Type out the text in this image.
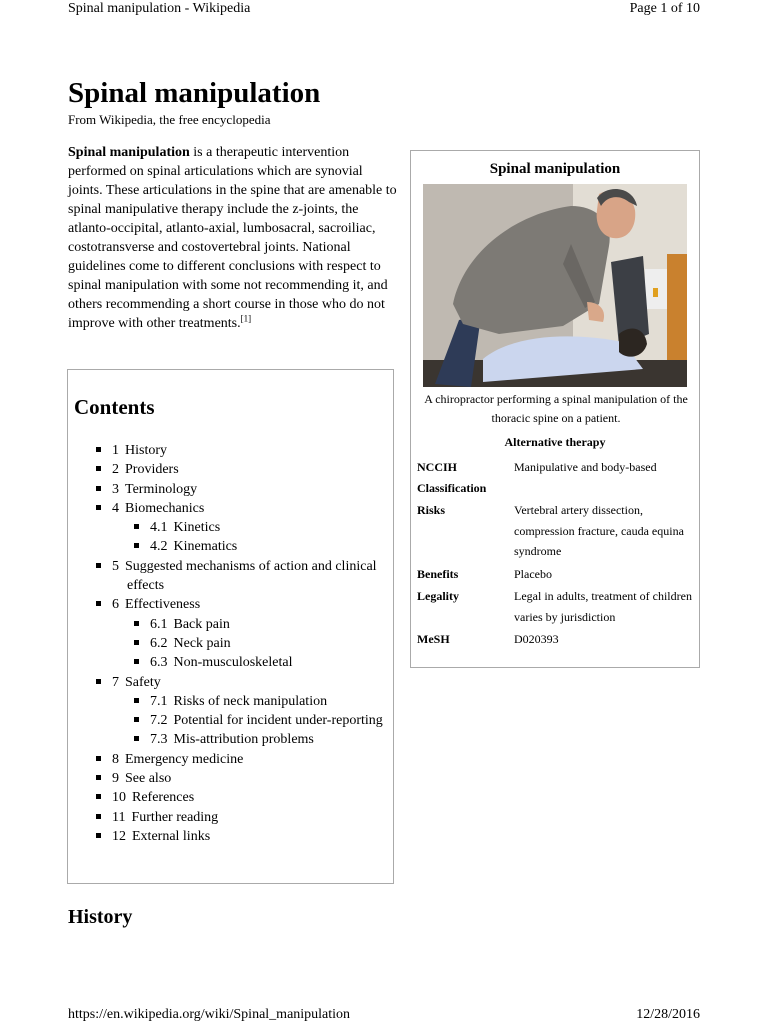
Spinal manipulation - Wikipedia	Page 1 of 10
Spinal manipulation
From Wikipedia, the free encyclopedia

Spinal manipulation is a therapeutic intervention performed on spinal articulations which are synovial joints. These articulations in the spine that are amenable to spinal manipulative therapy include the z-joints, the atlanto-occipital, atlanto-axial, lumbosacral, sacroiliac, costotransverse and costovertebral joints. National guidelines come to different conclusions with respect to spinal manipulation with some not recommending it, and others recommending a short course in those who do not improve with other treatments.[1]

Contents
1 History
2 Providers
3 Terminology
4 Biomechanics
4.1 Kinetics
4.2 Kinematics
5 Suggested mechanisms of action and clinical effects
6 Effectiveness
6.1 Back pain
6.2 Neck pain
6.3 Non-musculoskeletal
7 Safety
7.1 Risks of neck manipulation
7.2 Potential for incident under-reporting
7.3 Mis-attribution problems
8 Emergency medicine
9 See also
10 References
11 Further reading
12 External links
Spinal manipulation
A chiropractor performing a spinal manipulation of the thoracic spine on a patient.
Alternative therapy
NCCIH Classification	Manipulative and body-based
Risks	Vertebral artery dissection, compression fracture, cauda equina syndrome
Benefits	Placebo
Legality	Legal in adults, treatment of children varies by jurisdiction
MeSH	D020393
History
https://en.wikipedia.org/wiki/Spinal_manipulation	12/28/2016
